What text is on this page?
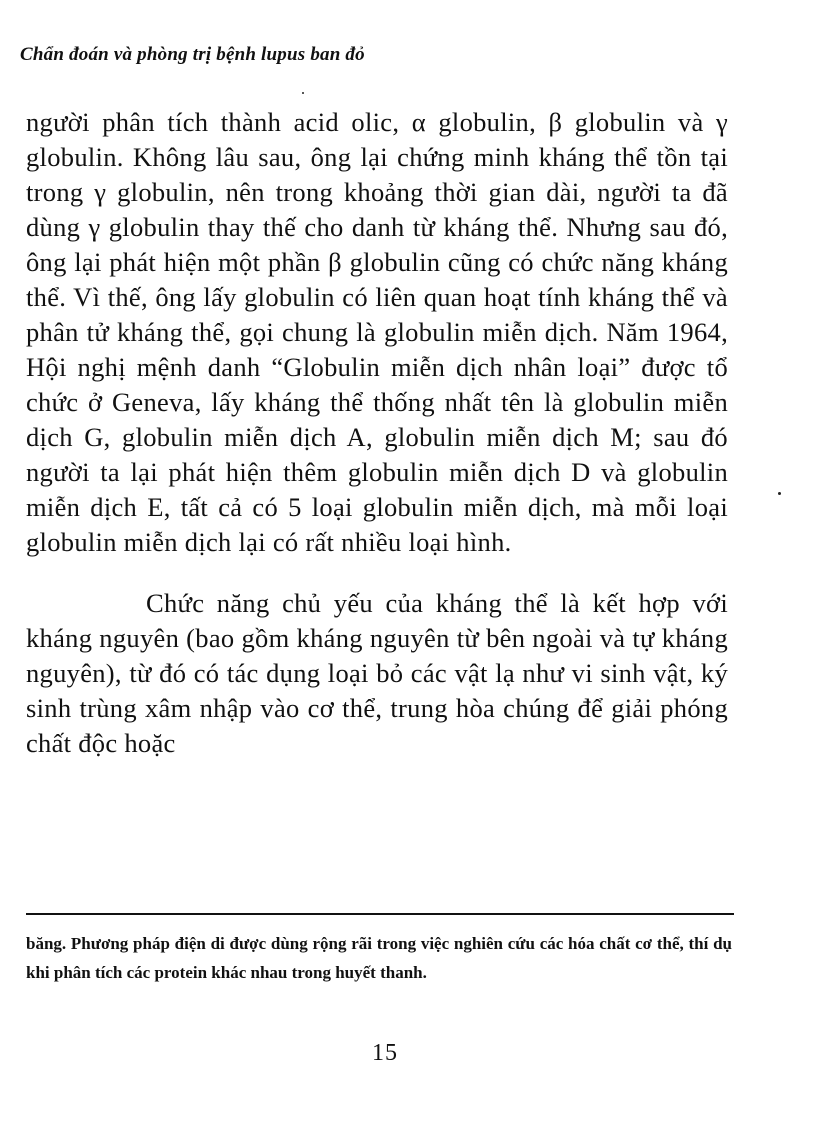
Chẩn đoán và phòng trị bệnh lupus ban đỏ

người phân tích thành acid olic, α globulin, β globulin và γ globulin. Không lâu sau, ông lại chứng minh kháng thể tồn tại trong γ globulin, nên trong khoảng thời gian dài, người ta đã dùng γ globulin thay thế cho danh từ kháng thể. Nhưng sau đó, ông lại phát hiện một phần β globulin cũng có chức năng kháng thể. Vì thế, ông lấy globulin có liên quan hoạt tính kháng thể và phân tử kháng thể, gọi chung là globulin miễn dịch. Năm 1964, Hội nghị mệnh danh “Globulin miễn dịch nhân loại” được tổ chức ở Geneva, lấy kháng thể thống nhất tên là globulin miễn dịch G, globulin miễn dịch A, globulin miễn dịch M; sau đó người ta lại phát hiện thêm globulin miễn dịch D và globulin miễn dịch E, tất cả có 5 loại globulin miễn dịch, mà mỗi loại globulin miễn dịch lại có rất nhiều loại hình.

Chức năng chủ yếu của kháng thể là kết hợp với kháng nguyên (bao gồm kháng nguyên từ bên ngoài và tự kháng nguyên), từ đó có tác dụng loại bỏ các vật lạ như vi sinh vật, ký sinh trùng xâm nhập vào cơ thể, trung hòa chúng để giải phóng chất độc hoặc

băng. Phương pháp điện di được dùng rộng rãi trong việc nghiên cứu các hóa chất cơ thể, thí dụ khi phân tích các protein khác nhau trong huyết thanh.
15
